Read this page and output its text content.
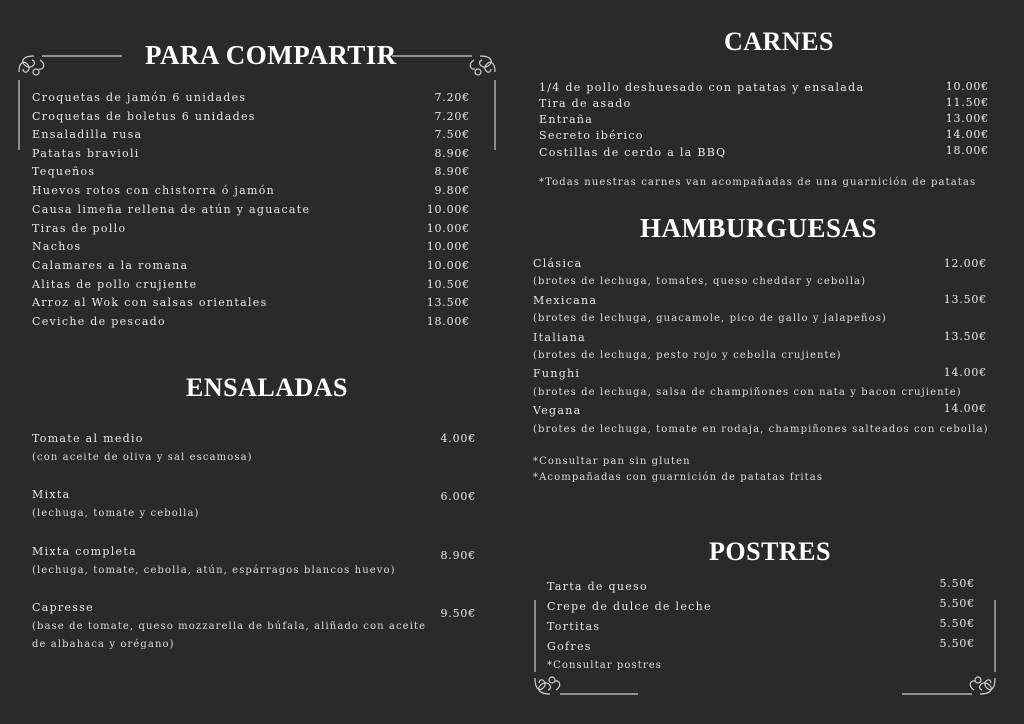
PARA COMPARTIR
Croquetas de jamón 6 unidades	7.20€
Croquetas de boletus 6 unidades	7.20€
Ensaladilla rusa	7.50€
Patatas bravioli	8.90€
Tequeños	8.90€
Huevos rotos con chistorra ó jamón	9.80€
Causa limeña rellena de atún y aguacate	10.00€
Tiras de pollo	10.00€
Nachos	10.00€
Calamares a la romana	10.00€
Alitas de pollo crujiente	10.50€
Arroz al Wok con salsas orientales	13.50€
Ceviche de pescado	18.00€
ENSALADAS
Tomate al medio	4.00€
(con aceite de oliva y sal escamosa)
Mixta	6.00€
(lechuga, tomate y cebolla)
Mixta completa	8.90€
(lechuga, tomate, cebolla, atún, espárragos blancos huevo)
Capresse	9.50€
(base de tomate, queso mozzarella de búfala, aliñado con aceite
de albahaca y orégano)
CARNES
1/4 de pollo deshuesado con patatas y ensalada	10.00€
Tira de asado	11.50€
Entraña	13.00€
Secreto ibérico	14.00€
Costillas de cerdo a la BBQ	18.00€
*Todas nuestras carnes van acompañadas de una guarnición de patatas
HAMBURGUESAS
Clásica	12.00€
(brotes de lechuga, tomates, queso cheddar y cebolla)
Mexicana	13.50€
(brotes de lechuga, guacamole, pico de gallo y jalapeños)
Italiana	13.50€
(brotes de lechuga, pesto rojo y cebolla crujiente)
Funghi	14.00€
(brotes de lechuga, salsa de champiñones con nata y bacon crujiente)
Vegana	14.00€
(brotes de lechuga, tomate en rodaja, champiñones salteados con cebolla)
*Consultar pan sin gluten
*Acompañadas con guarnición de patatas fritas
POSTRES
Tarta de queso	5.50€
Crepe de dulce de leche	5.50€
Tortitas	5.50€
Gofres	5.50€
*Consultar postres
